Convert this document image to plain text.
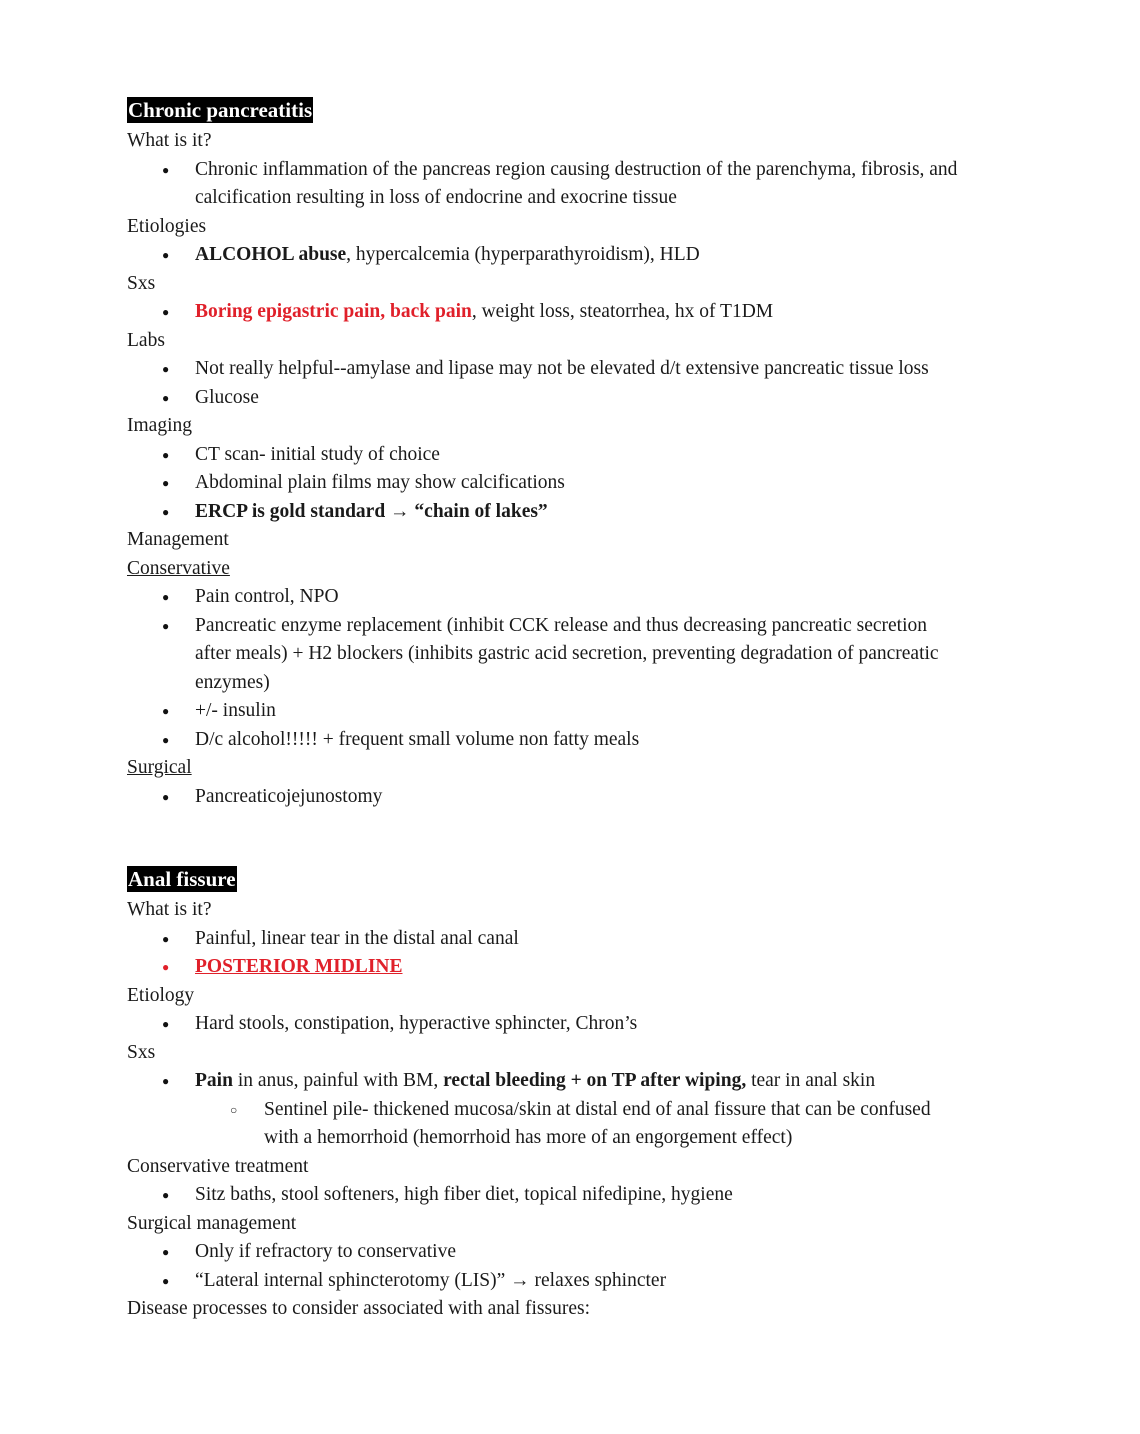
Chronic pancreatitis
What is it?
● Chronic inflammation of the pancreas region causing destruction of the parenchyma, fibrosis, and
calcification resulting in loss of endocrine and exocrine tissue
Etiologies
● ALCOHOL abuse, hypercalcemia (hyperparathyroidism), HLD
Sxs
● Boring epigastric pain, back pain, weight loss, steatorrhea, hx of T1DM
Labs
● Not really helpful--amylase and lipase may not be elevated d/t extensive pancreatic tissue loss
● Glucose
Imaging
● CT scan- initial study of choice
● Abdominal plain films may show calcifications
● ERCP is gold standard → “chain of lakes”
Management
Conservative
● Pain control, NPO
● Pancreatic enzyme replacement (inhibit CCK release and thus decreasing pancreatic secretion
after meals) + H2 blockers (inhibits gastric acid secretion, preventing degradation of pancreatic
enzymes)
● +/- insulin
● D/c alcohol!!!!! + frequent small volume non fatty meals
Surgical
● Pancreaticojejunostomy
Anal fissure
What is it?
● Painful, linear tear in the distal anal canal
● POSTERIOR MIDLINE
Etiology
● Hard stools, constipation, hyperactive sphincter, Chron’s
Sxs
● Pain in anus, painful with BM, rectal bleeding + on TP after wiping, tear in anal skin
○ Sentinel pile- thickened mucosa/skin at distal end of anal fissure that can be confused
with a hemorrhoid (hemorrhoid has more of an engorgement effect)
Conservative treatment
● Sitz baths, stool softeners, high fiber diet, topical nifedipine, hygiene
Surgical management
● Only if refractory to conservative
● “Lateral internal sphincterotomy (LIS)” → relaxes sphincter
Disease processes to consider associated with anal fissures:
